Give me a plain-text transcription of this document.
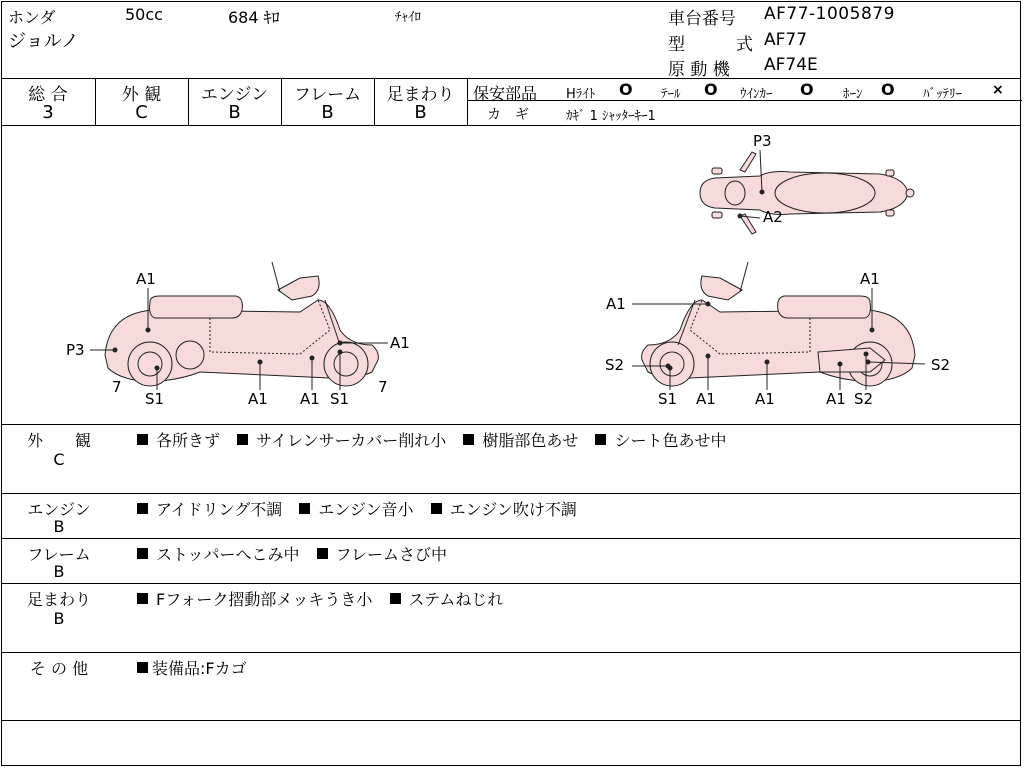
ホンダ	50cc	684 ｷﾛ	ﾁｬｲﾛ
ジョルノ
車台番号 AF77-1005879
型	式 AF77
原 動 機 AF74E
総 合	外 観	エンジン	フレーム	足まわり
3	C	B	B	B
保安部品 Hﾗｲﾄ O ﾃｰﾙ O ｳｲﾝｶｰ O ﾎｰﾝ O ﾊﾞｯﾃﾘｰ ×
カ　ギ	ｶｷﾞ 1 ｼｬｯﾀｰｷｰ1
P3
A2
A1
P3	A1
7
S1	A1 A1 S1
7
A1
A1
S2	S2
S1 A1	A1	A1 S2
外　　観
C
各所きず サイレンサーカバー削れ小 樹脂部色あせ シート色あせ中
エンジン
B
アイドリング不調 エンジン音小 エンジン吹け不調
フレーム
B
ストッパーへこみ中 フレームさび中
足まわり
B
Fフォーク摺動部メッキうき小 ステムねじれ
そ の 他	装備品:Fカゴ
